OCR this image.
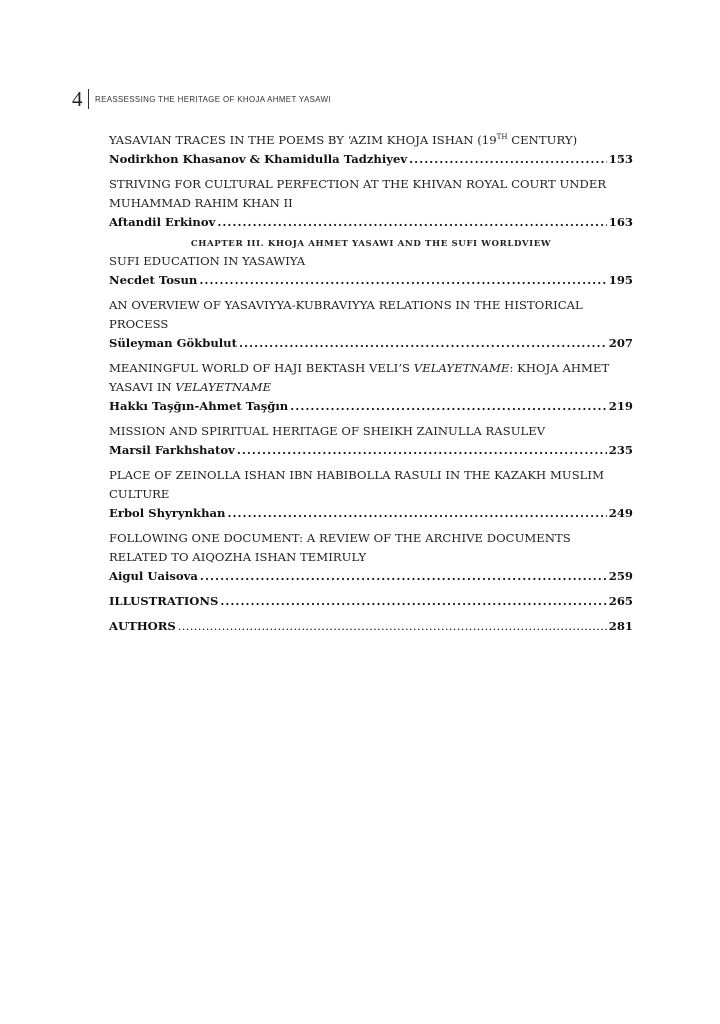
4 REASSESSING THE HERITAGE OF KHOJA AHMET YASAWI
YASAVIAN TRACES IN THE POEMS BY ‘AZIM KHOJA ISHAN (19TH CENTURY)
Nodirkhon Khasanov & Khamidulla Tadzhiyev .....	153
STRIVING FOR CULTURAL PERFECTION AT THE KHIVAN ROYAL COURT UNDER
MUHAMMAD RAHIM KHAN II
Aftandil Erkinov .....	163
CHAPTER III. KHOJA AHMET YASAWI AND THE SUFI WORLDVIEW
SUFI EDUCATION IN YASAWIYA
Necdet Tosun .....	195
AN OVERVIEW OF YASAVIYYA-KUBRAVIYYA RELATIONS IN THE HISTORICAL
PROCESS
Süleyman Gökbulut .....	207
MEANINGFUL WORLD OF HAJI BEKTASH VELI’S VELAYETNAME: KHOJA AHMET
YASAVI IN VELAYETNAME
Hakkı Taşğın-Ahmet Taşğın .....	219
MISSION AND SPIRITUAL HERITAGE OF SHEIKH ZAINULLA RASULEV
Marsil Farkhshatov .....	235
PLACE OF ZEINOLLA ISHAN IBN HABIBOLLA RASULI IN THE KAZAKH MUSLIM
CULTURE
Erbol Shyrynkhan .....	249
FOLLOWING ONE DOCUMENT: A REVIEW OF THE ARCHIVE DOCUMENTS
RELATED TO AIQOZHA ISHAN TEMIRULY
Aigul Uaisova .....	259
ILLUSTRATIONS .....	265
AUTHORS .....	281
